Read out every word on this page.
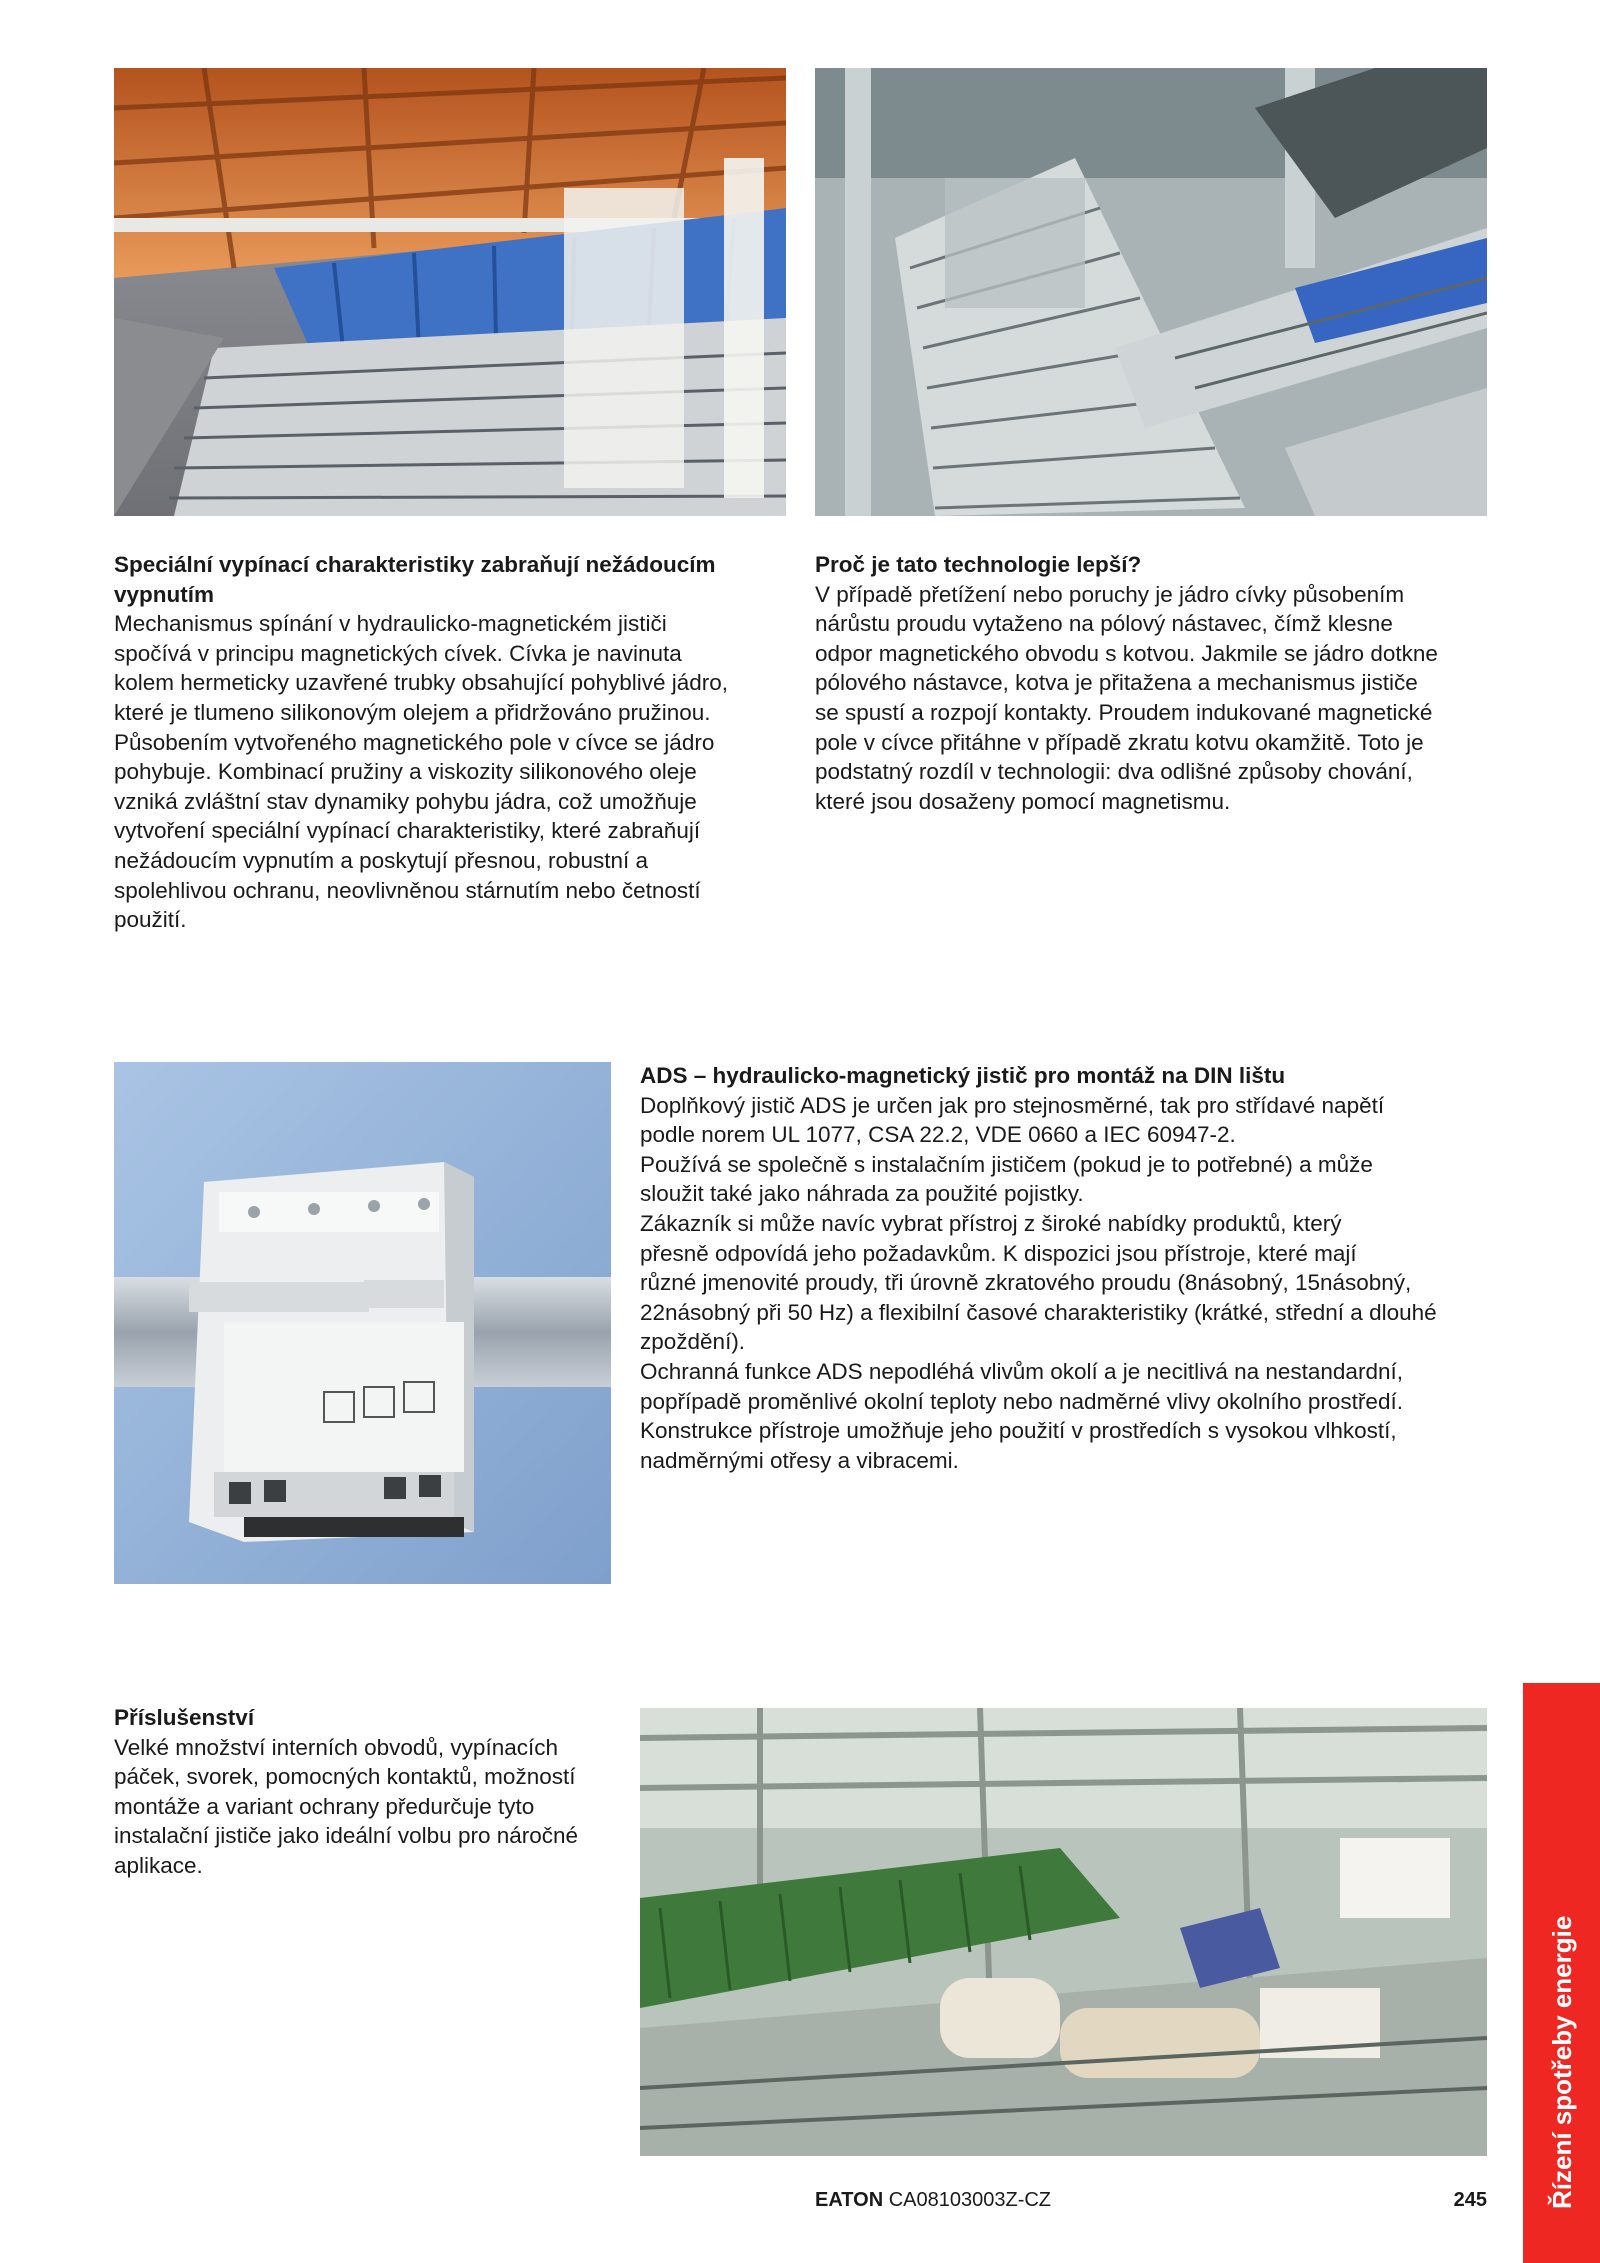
Speciální vypínací charakteristiky zabraňují nežádoucím vypnutím

Mechanismus spínání v hydraulicko-magnetickém jističi
spočívá v principu magnetických cívek. Cívka je navinuta
kolem hermeticky uzavřené trubky obsahující pohyblivé jádro,
které je tlumeno silikonovým olejem a přidržováno pružinou.
Působením vytvořeného magnetického pole v cívce se jádro
pohybuje. Kombinací pružiny a viskozity silikonového oleje
vzniká zvláštní stav dynamiky pohybu jádra, což umožňuje
vytvoření speciální vypínací charakteristiky, které zabraňují
nežádoucím vypnutím a poskytují přesnou, robustní a
spolehlivou ochranu, neovlivněnou stárnutím nebo četností
použití.

Proč je tato technologie lepší?

V případě přetížení nebo poruchy je jádro cívky působením
nárůstu proudu vytaženo na pólový nástavec, čímž klesne
odpor magnetického obvodu s kotvou. Jakmile se jádro dotkne
pólového nástavce, kotva je přitažena a mechanismus jističe
se spustí a rozpojí kontakty. Proudem indukované magnetické
pole v cívce přitáhne v případě zkratu kotvu okamžitě. Toto je
podstatný rozdíl v technologii: dva odlišné způsoby chování,
které jsou dosaženy pomocí magnetismu.

ADS – hydraulicko-magnetický jistič pro montáž na DIN lištu

Doplňkový jistič ADS je určen jak pro stejnosměrné, tak pro střídavé napětí
podle norem UL 1077, CSA 22.2, VDE 0660 a IEC 60947-2.
Používá se společně s instalačním jističem (pokud je to potřebné) a může
sloužit také jako náhrada za použité pojistky.
Zákazník si může navíc vybrat přístroj z široké nabídky produktů, který
přesně odpovídá jeho požadavkům. K dispozici jsou přístroje, které mají
různé jmenovité proudy, tři úrovně zkratového proudu (8násobný, 15násobný,
22násobný při 50 Hz) a flexibilní časové charakteristiky (krátké, střední a dlouhé
zpoždění).
Ochranná funkce ADS nepodléhá vlivům okolí a je necitlivá na nestandardní,
popřípadě proměnlivé okolní teploty nebo nadměrné vlivy okolního prostředí.
Konstrukce přístroje umožňuje jeho použití v prostředích s vysokou vlhkostí,
nadměrnými otřesy a vibracemi.

Příslušenství

Velké množství interních obvodů, vypínacích
páček, svorek, pomocných kontaktů, možností
montáže a variant ochrany předurčuje tyto
instalační jističe jako ideální volbu pro náročné
aplikace.

EATON CA08103003Z-CZ	245 Řízení spotřeby energie
